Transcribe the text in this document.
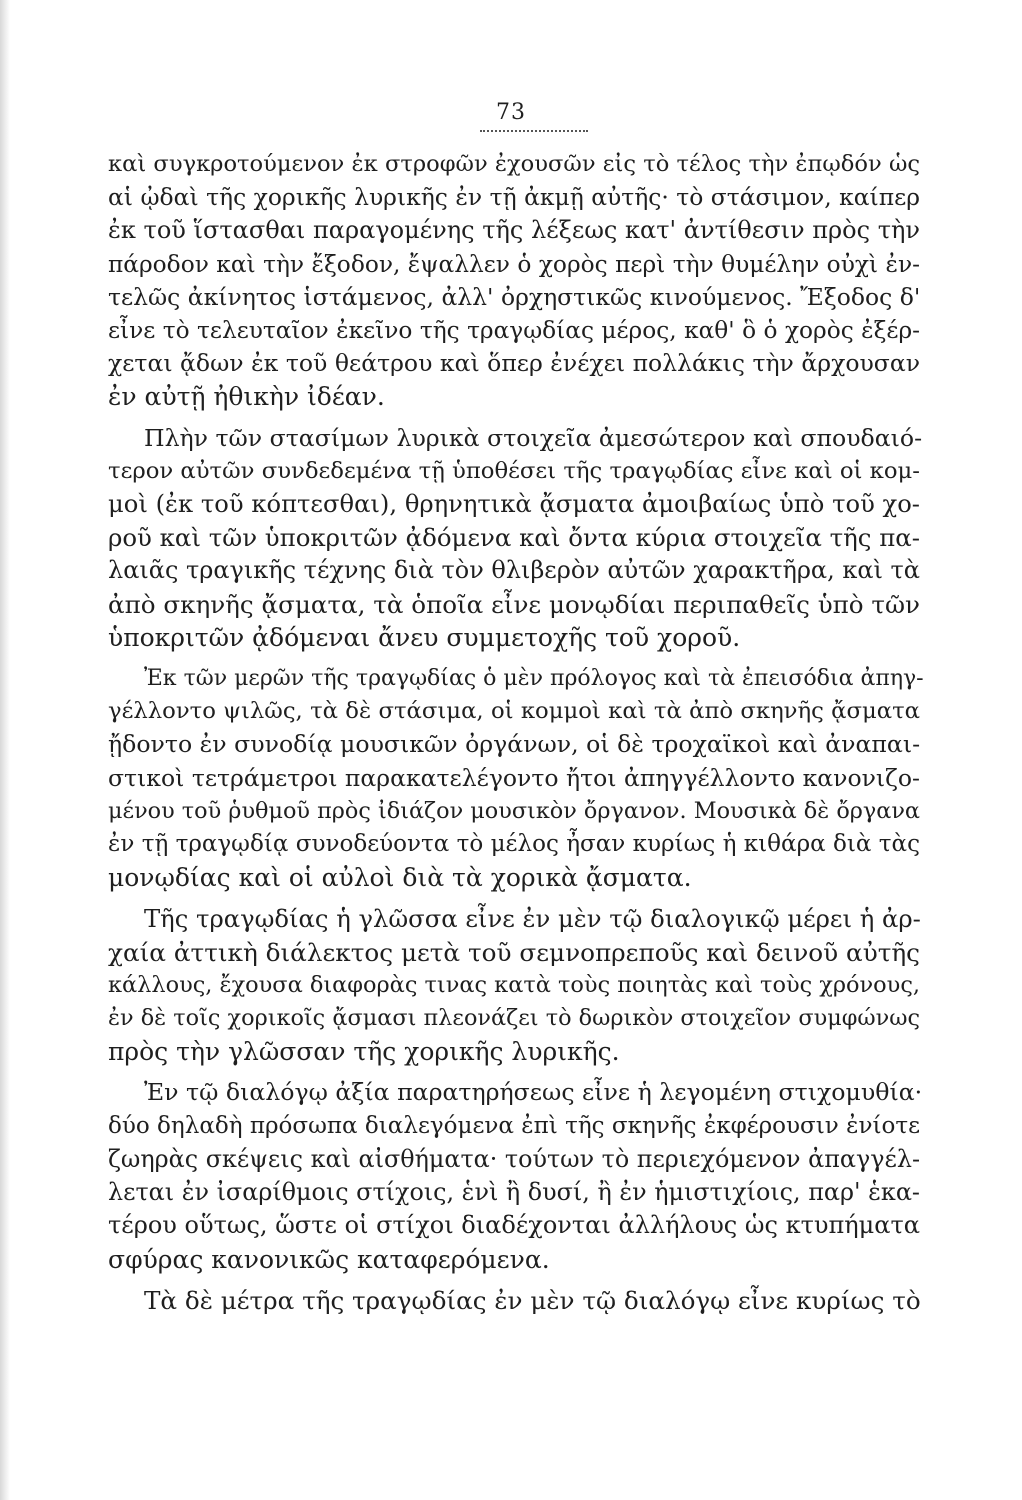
73
καὶ συγκροτούμενον ἐκ στροφῶν ἐχουσῶν εἰς τὸ τέλος τὴν ἐπῳδόν ὡς
αἱ ᾠδαὶ τῆς χορικῆς λυρικῆς ἐν τῇ ἀκμῇ αὐτῆς· τὸ στάσιμον, καίπερ
ἐκ τοῦ ἵστασθαι παραγομένης τῆς λέξεως κατ' ἀντίθεσιν πρὸς τὴν
πάροδον καὶ τὴν ἔξοδον, ἔψαλλεν ὁ χορὸς περὶ τὴν θυμέλην οὐχὶ ἐν-
τελῶς ἀκίνητος ἱστάμενος, ἀλλ' ὀρχηστικῶς κινούμενος. Ἔξοδος δ'
εἶνε τὸ τελευταῖον ἐκεῖνο τῆς τραγῳδίας μέρος, καθ' ὃ ὁ χορὸς ἐξέρ-
χεται ᾄδων ἐκ τοῦ θεάτρου καὶ ὅπερ ἐνέχει πολλάκις τὴν ἄρχουσαν
ἐν αὐτῇ ἠθικὴν ἰδέαν.
Πλὴν τῶν στασίμων λυρικὰ στοιχεῖα ἀμεσώτερον καὶ σπουδαιό-
τερον αὐτῶν συνδεδεμένα τῇ ὑποθέσει τῆς τραγῳδίας εἶνε καὶ οἱ κομ-
μοὶ (ἐκ τοῦ κόπτεσθαι), θρηνητικὰ ᾄσματα ἀμοιβαίως ὑπὸ τοῦ χο-
ροῦ καὶ τῶν ὑποκριτῶν ᾀδόμενα καὶ ὄντα κύρια στοιχεῖα τῆς πα-
λαιᾶς τραγικῆς τέχνης διὰ τὸν θλιβερὸν αὐτῶν χαρακτῆρα, καὶ τὰ
ἀπὸ σκηνῆς ᾄσματα, τὰ ὁποῖα εἶνε μονῳδίαι περιπαθεῖς ὑπὸ τῶν
ὑποκριτῶν ᾀδόμεναι ἄνευ συμμετοχῆς τοῦ χοροῦ.
Ἐκ τῶν μερῶν τῆς τραγῳδίας ὁ μὲν πρόλογος καὶ τὰ ἐπεισόδια ἀπηγ-
γέλλοντο ψιλῶς, τὰ δὲ στάσιμα, οἱ κομμοὶ καὶ τὰ ἀπὸ σκηνῆς ᾄσματα
ᾔδοντο ἐν συνοδίᾳ μουσικῶν ὀργάνων, οἱ δὲ τροχαϊκοὶ καὶ ἀναπαι-
στικοὶ τετράμετροι παρακατελέγοντο ἤτοι ἀπηγγέλλοντο κανονιζο-
μένου τοῦ ῥυθμοῦ πρὸς ἰδιάζον μουσικὸν ὄργανον. Μουσικὰ δὲ ὄργανα
ἐν τῇ τραγῳδίᾳ συνοδεύοντα τὸ μέλος ἦσαν κυρίως ἡ κιθάρα διὰ τὰς
μονῳδίας καὶ οἱ αὐλοὶ διὰ τὰ χορικὰ ᾄσματα.
Τῆς τραγῳδίας ἡ γλῶσσα εἶνε ἐν μὲν τῷ διαλογικῷ μέρει ἡ ἀρ-
χαία ἀττικὴ διάλεκτος μετὰ τοῦ σεμνοπρεποῦς καὶ δεινοῦ αὐτῆς
κάλλους, ἔχουσα διαφορὰς τινας κατὰ τοὺς ποιητὰς καὶ τοὺς χρόνους,
ἐν δὲ τοῖς χορικοῖς ᾄσμασι πλεονάζει τὸ δωρικὸν στοιχεῖον συμφώνως
πρὸς τὴν γλῶσσαν τῆς χορικῆς λυρικῆς.
Ἐν τῷ διαλόγῳ ἀξία παρατηρήσεως εἶνε ἡ λεγομένη στιχομυθία·
δύο δηλαδὴ πρόσωπα διαλεγόμενα ἐπὶ τῆς σκηνῆς ἐκφέρουσιν ἐνίοτε
ζωηρὰς σκέψεις καὶ αἰσθήματα· τούτων τὸ περιεχόμενον ἀπαγγέλ-
λεται ἐν ἰσαρίθμοις στίχοις, ἑνὶ ἢ δυσί, ἢ ἐν ἡμιστιχίοις, παρ' ἑκα-
τέρου οὕτως, ὥστε οἱ στίχοι διαδέχονται ἀλλήλους ὡς κτυπήματα
σφύρας κανονικῶς καταφερόμενα.
Τὰ δὲ μέτρα τῆς τραγῳδίας ἐν μὲν τῷ διαλόγῳ εἶνε κυρίως τὸ
